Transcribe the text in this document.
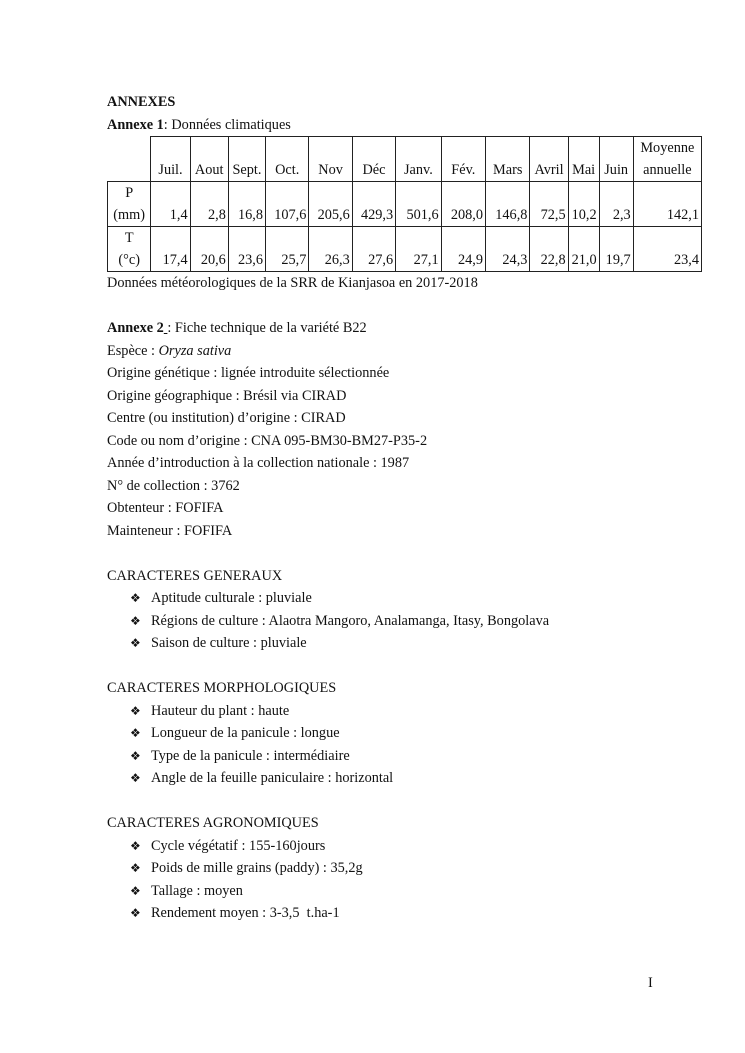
ANNEXES
Annexe 1: Données climatiques
	Juil.	Aout	Sept.	Oct.	Nov	Déc	Janv.	Fév.	Mars	Avril	Mai	Juin	Moyenne
annuelle

P
(mm)	1,4	2,8	16,8	107,6	205,6	429,3	501,6	208,0	146,8	72,5	10,2	2,3	142,1

T
(°c)	17,4	20,6	23,6	25,7	26,3	27,6	27,1	24,9	24,3	22,8	21,0	19,7	23,4
Données météorologiques de la SRR de Kianjasoa en 2017-2018
Annexe 2 : Fiche technique de la variété B22
Espèce : Oryza sativa
Origine génétique : lignée introduite sélectionnée
Origine géographique : Brésil via CIRAD
Centre (ou institution) d’origine : CIRAD
Code ou nom d’origine : CNA 095-BM30-BM27-P35-2
Année d’introduction à la collection nationale : 1987
N° de collection : 3762
Obtenteur : FOFIFA
Mainteneur : FOFIFA
CARACTERES GENERAUX
❖ Aptitude culturale : pluviale
❖ Régions de culture : Alaotra Mangoro, Analamanga, Itasy, Bongolava
❖ Saison de culture : pluviale
CARACTERES MORPHOLOGIQUES
❖ Hauteur du plant : haute
❖ Longueur de la panicule : longue
❖ Type de la panicule : intermédiaire
❖ Angle de la feuille paniculaire : horizontal
CARACTERES AGRONOMIQUES
❖ Cycle végétatif : 155-160jours
❖ Poids de mille grains (paddy) : 35,2g
❖ Tallage : moyen
❖ Rendement moyen : 3-3,5  t.ha-1
I
